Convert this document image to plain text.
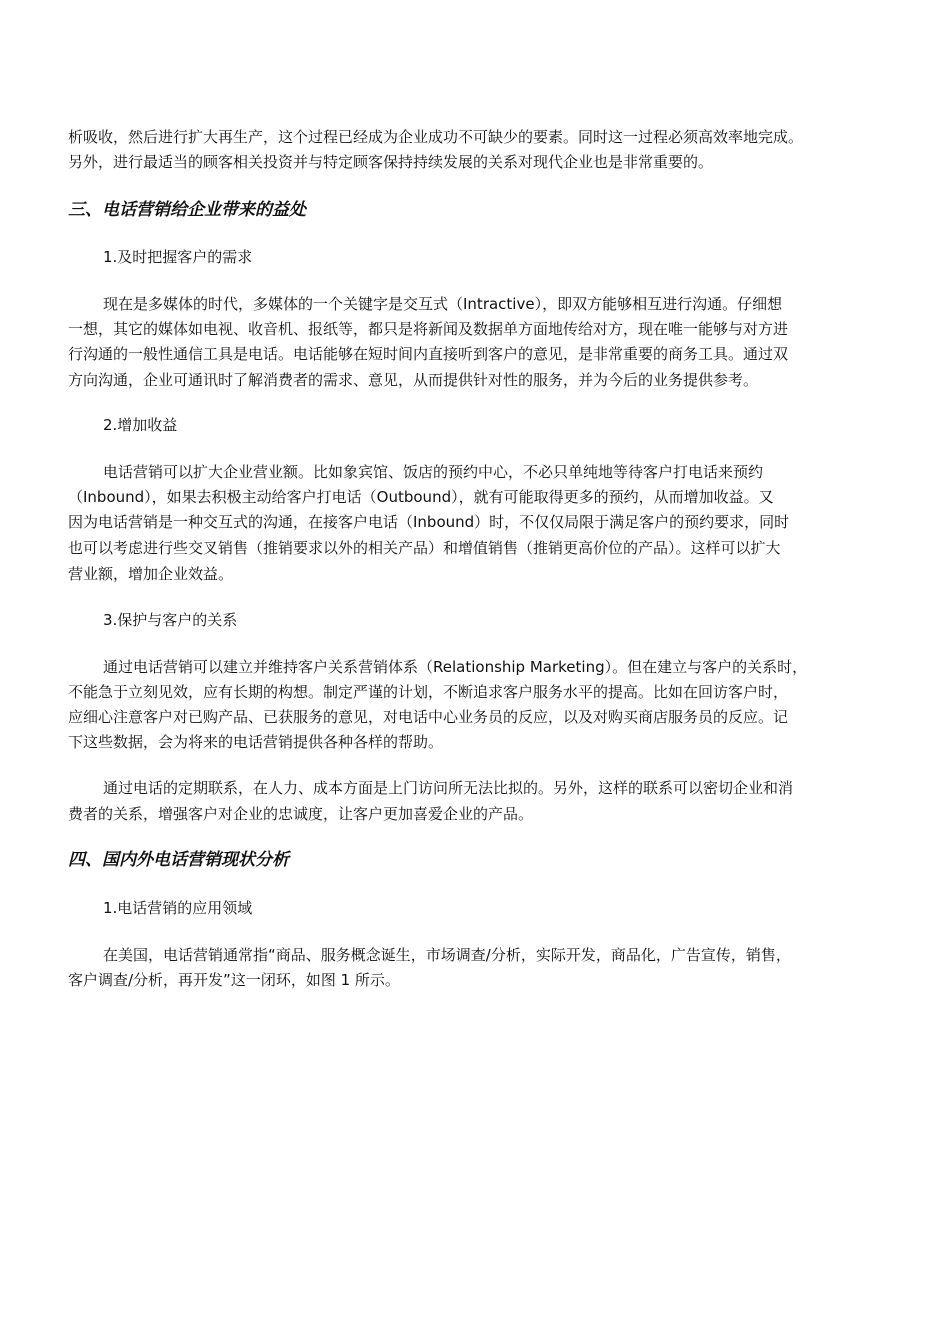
析吸收，然后进行扩大再生产，这个过程已经成为企业成功不可缺少的要素。同时这一过程必须高效率地完成。
另外，进行最适当的顾客相关投资并与特定顾客保持持续发展的关系对现代企业也是非常重要的。
三、电话营销给企业带来的益处
1.及时把握客户的需求
现在是多媒体的时代，多媒体的一个关键字是交互式（Intractive），即双方能够相互进行沟通。仔细想
一想，其它的媒体如电视、收音机、报纸等，都只是将新闻及数据单方面地传给对方，现在唯一能够与对方进
行沟通的一般性通信工具是电话。电话能够在短时间内直接听到客户的意见，是非常重要的商务工具。通过双
方向沟通，企业可通讯时了解消费者的需求、意见，从而提供针对性的服务，并为今后的业务提供参考。
2.增加收益
电话营销可以扩大企业营业额。比如象宾馆、饭店的预约中心，不必只单纯地等待客户打电话来预约
（Inbound），如果去积极主动给客户打电话（Outbound），就有可能取得更多的预约，从而增加收益。又
因为电话营销是一种交互式的沟通，在接客户电话（Inbound）时，不仅仅局限于满足客户的预约要求，同时
也可以考虑进行些交叉销售（推销要求以外的相关产品）和增值销售（推销更高价位的产品）。这样可以扩大
营业额，增加企业效益。
3.保护与客户的关系
通过电话营销可以建立并维持客户关系营销体系（Relationship Marketing）。但在建立与客户的关系时，
不能急于立刻见效，应有长期的构想。制定严谨的计划，不断追求客户服务水平的提高。比如在回访客户时，
应细心注意客户对已购产品、已获服务的意见，对电话中心业务员的反应，以及对购买商店服务员的反应。记
下这些数据，会为将来的电话营销提供各种各样的帮助。
通过电话的定期联系，在人力、成本方面是上门访问所无法比拟的。另外，这样的联系可以密切企业和消
费者的关系，增强客户对企业的忠诚度，让客户更加喜爱企业的产品。
四、国内外电话营销现状分析
1.电话营销的应用领域
在美国，电话营销通常指“商品、服务概念诞生，市场调查/分析，实际开发，商品化，广告宣传，销售，
客户调查/分析，再开发”这一闭环，如图 1 所示。
